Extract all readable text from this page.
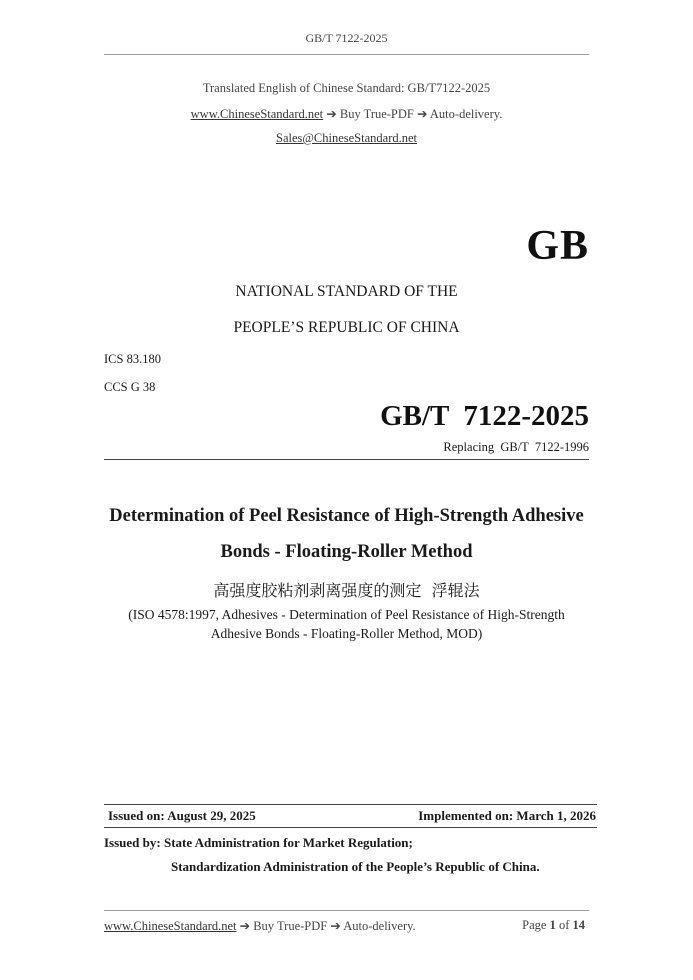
GB/T 7122-2025
Translated English of Chinese Standard: GB/T7122-2025
www.ChineseStandard.net ➔ Buy True-PDF ➔ Auto-delivery.
Sales@ChineseStandard.net
GB
NATIONAL STANDARD OF THE
PEOPLE’S REPUBLIC OF CHINA
ICS 83.180
CCS G 38
GB/T  7122-2025
Replacing  GB/T  7122-1996
Determination of Peel Resistance of High-Strength Adhesive
Bonds - Floating-Roller Method
高强度胶粘剂剥离强度的测定  浮辊法
(ISO 4578:1997, Adhesives - Determination of Peel Resistance of High-Strength
Adhesive Bonds - Floating-Roller Method, MOD)
Issued on: August 29, 2025	Implemented on: March 1, 2026
Issued by: State Administration for Market Regulation;
Standardization Administration of the People’s Republic of China.
www.ChineseStandard.net ➔ Buy True-PDF ➔ Auto-delivery.	Page 1 of 14
